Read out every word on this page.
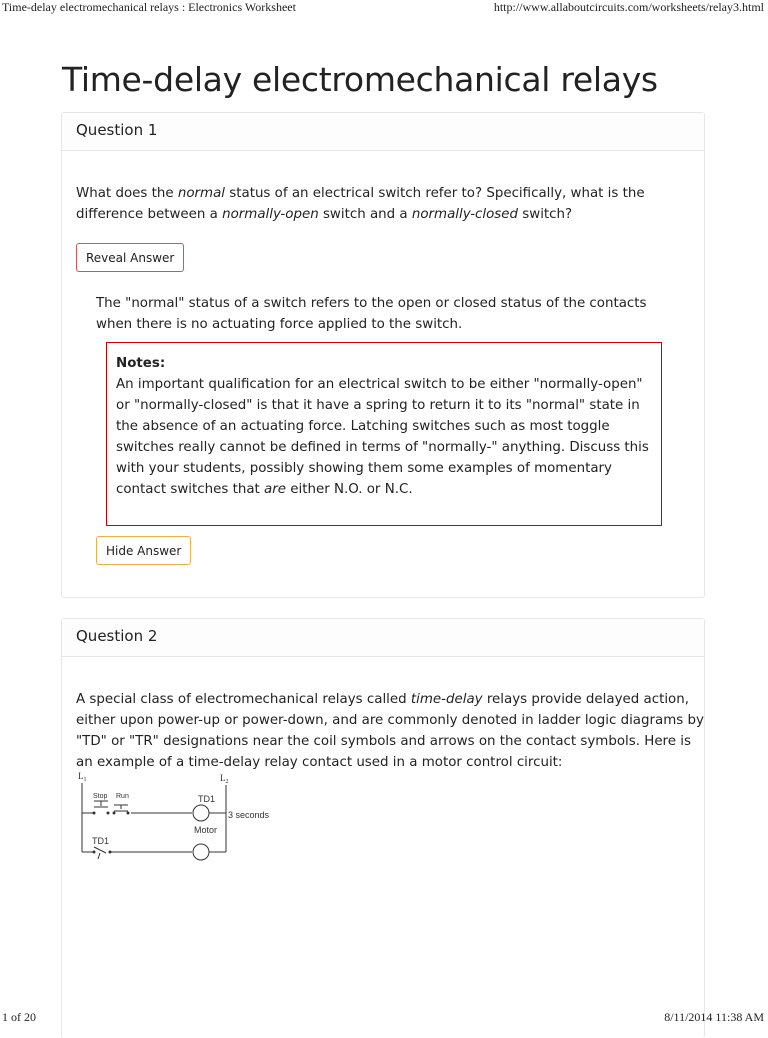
Time-delay electromechanical relays : Electronics Worksheet	http://www.allaboutcircuits.com/worksheets/relay3.html
Time-delay electromechanical relays
Question 1

What does the normal status of an electrical switch refer to? Specifically, what is the difference between a normally-open switch and a normally-closed switch?

Reveal Answer

The "normal" status of a switch refers to the open or closed status of the contacts when there is no actuating force applied to the switch.

Notes:

An important qualification for an electrical switch to be either "normally-open" or "normally-closed" is that it have a spring to return it to its "normal" state in the absence of an actuating force. Latching switches such as most toggle switches really cannot be defined in terms of "normally-" anything. Discuss this with your students, possibly showing them some examples of momentary contact switches that are either N.O. or N.C.

Hide Answer
Question 2

A special class of electromechanical relays called time-delay relays provide delayed action, either upon power-up or power-down, and are commonly denoted in ladder logic diagrams by "TD" or "TR" designations near the coil symbols and arrows on the contact symbols. Here is an example of a time-delay relay contact used in a motor control circuit:

$L_1$	$L_2$
Stop Run	TD1
3 seconds
Motor
TD1
1 of 20	8/11/2014 11:38 AM
